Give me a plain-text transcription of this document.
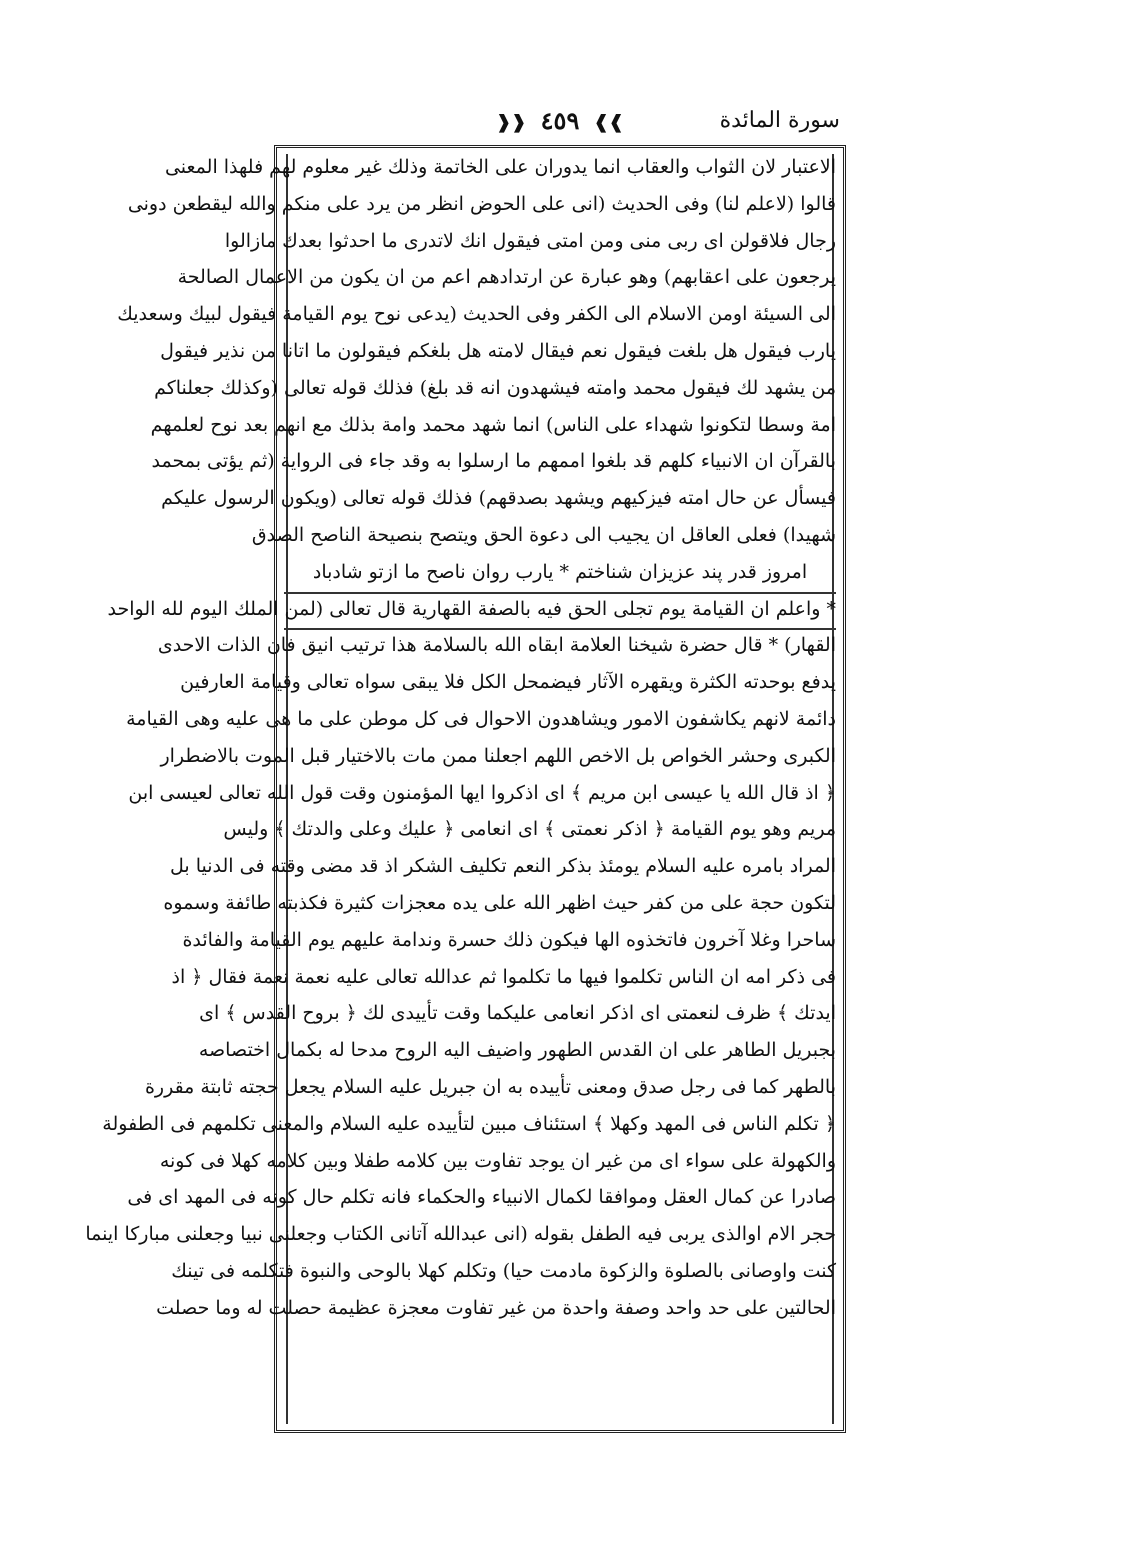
سورة المائدة
❱❱ ٤٥٩ ❰❰
الاعتبار لان الثواب والعقاب انما يدوران على الخاتمة وذلك غير معلوم لهم فلهذا المعنى
قالوا (لاعلم لنا) وفى الحديث (انى على الحوض انظر من يرد على منكم والله ليقطعن دونى
رجال فلاقولن اى ربى منى ومن امتى فيقول انك لاتدرى ما احدثوا بعدك مازالوا
يرجعون على اعقابهم) وهو عبارة عن ارتدادهم اعم من ان يكون من الاعمال الصالحة
الى السيئة اومن الاسلام الى الكفر وفى الحديث (يدعى نوح يوم القيامة فيقول لبيك وسعديك
يارب فيقول هل بلغت فيقول نعم فيقال لامته هل بلغكم فيقولون ما اتانا من نذير فيقول
من يشهد لك فيقول محمد وامته فيشهدون انه قد بلغ) فذلك قوله تعالى (وكذلك جعلناكم
امة وسطا لتكونوا شهداء على الناس) انما شهد محمد وامة بذلك مع انهم بعد نوح لعلمهم
بالقرآن ان الانبياء كلهم قد بلغوا اممهم ما ارسلوا به وقد جاء فى الرواية (ثم يؤتى بمحمد
فيسأل عن حال امته فيزكيهم ويشهد بصدقهم) فذلك قوله تعالى (ويكون الرسول عليكم
شهيدا) فعلى العاقل ان يجيب الى دعوة الحق ويتصح بنصيحة الناصح الصدق
امروز قدر پند عزيزان شناختم * يارب روان ناصح ما ازتو شادباد
* واعلم ان القيامة يوم تجلى الحق فيه بالصفة القهارية قال تعالى (لمن الملك اليوم لله الواحد
القهار) * قال حضرة شيخنا العلامة ابقاه الله بالسلامة هذا ترتيب انيق فان الذات الاحدى
يدفع بوحدته الكثرة ويقهره الآثار فيضمحل الكل فلا يبقى سواه تعالى وقيامة العارفين
دائمة لانهم يكاشفون الامور ويشاهدون الاحوال فى كل موطن على ما هى عليه وهى القيامة
الكبرى وحشر الخواص بل الاخص اللهم اجعلنا ممن مات بالاختيار قبل الموت بالاضطرار
﴿ اذ قال الله يا عيسى ابن مريم ﴾ اى اذكروا ايها المؤمنون وقت قول الله تعالى لعيسى ابن
مريم وهو يوم القيامة ﴿ اذكر نعمتى ﴾ اى انعامى ﴿ عليك وعلى والدتك ﴾ وليس
المراد بامره عليه السلام يومئذ بذكر النعم تكليف الشكر اذ قد مضى وقته فى الدنيا بل
لتكون حجة على من كفر حيث اظهر الله على يده معجزات كثيرة فكذبته طائفة وسموه
ساحرا وغلا آخرون فاتخذوه الها فيكون ذلك حسرة وندامة عليهم يوم القيامة والفائدة
فى ذكر امه ان الناس تكلموا فيها ما تكلموا ثم عدالله تعالى عليه نعمة نعمة فقال ﴿ اذ
ايدتك ﴾ ظرف لنعمتى اى اذكر انعامى عليكما وقت تأييدى لك ﴿ بروح القدس ﴾ اى
بجبريل الطاهر على ان القدس الطهور واضيف اليه الروح مدحا له بكمال اختصاصه
بالطهر كما فى رجل صدق ومعنى تأييده به ان جبريل عليه السلام يجعل حجته ثابتة مقررة
﴿ تكلم الناس فى المهد وكهلا ﴾ استئناف مبين لتأييده عليه السلام والمعنى تكلمهم فى الطفولة
والكهولة على سواء اى من غير ان يوجد تفاوت بين كلامه طفلا وبين كلامه كهلا فى كونه
صادرا عن كمال العقل وموافقا لكمال الانبياء والحكماء فانه تكلم حال كونه فى المهد اى فى
حجر الام اوالذى يربى فيه الطفل بقوله (انى عبدالله آتانى الكتاب وجعلنى نبيا وجعلنى مباركا اينما
كنت واوصانى بالصلوة والزكوة مادمت حيا) وتكلم كهلا بالوحى والنبوة فتكلمه فى تينك
الحالتين على حد واحد وصفة واحدة من غير تفاوت معجزة عظيمة حصلت له وما حصلت
